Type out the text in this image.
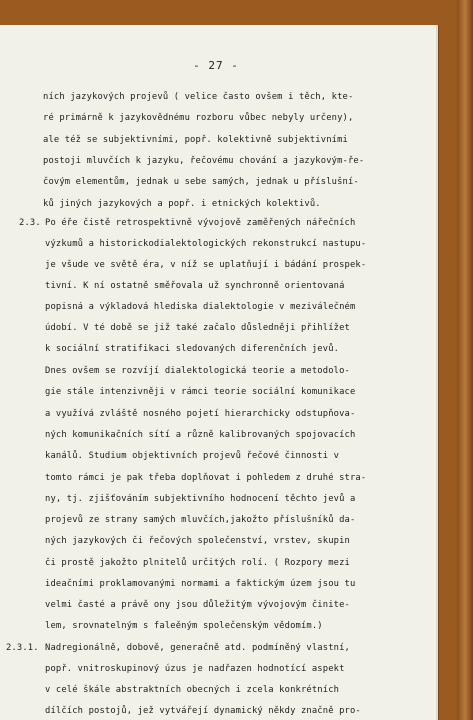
- 27 -
ních jazykových projevů ( velice často ovšem i těch, kte-
ré primárně k jazykovědnému rozboru vůbec nebyly určeny),
ale též se subjektivními, popř. kolektivně subjektivními
postoji mluvčích k jazyku, řečovému chování a jazykovým-ře-
čovým elementům, jednak u sebe samých, jednak u příslušní-
ků jiných jazykových a popř. i etnických kolektivů.
2.3. Po éře čistě retrospektivně vývojově zaměřených nářečních
výzkumů a historickodialektologických rekonstrukcí nastupu-
je všude ve světě éra, v níž se uplatňují i bádání prospek-
tivní. K ní ostatně směřovala už synchronně orientovaná
popisná a výkladová hlediska dialektologie v meziválečném
údobí. V té době se již také začalo důsledněji přihlížet
k sociální stratifikaci sledovaných diferenčních jevů.
Dnes ovšem se rozvíjí dialektologická teorie a metodolo-
gie stále intenzivněji v rámci teorie sociální komunikace
a využívá zvláště nosného pojetí hierarchicky odstupňova-
ných komunikačních sítí a různě kalibrovaných spojovacích
kanálů. Studium objektivních projevů řečové činnosti v
tomto rámci je pak třeba doplňovat i pohledem z druhé stra-
ny, tj. zjišťováním subjektivního hodnocení těchto jevů a
projevů ze strany samých mluvčích,jakožto příslušníků da-
ných jazykových či řečových společenství, vrstev, skupin
či prostě jakožto plnitelů určitých rolí. ( Rozpory mezi
ideačními proklamovanými normami a faktickým územ jsou tu
velmi časté a právě ony jsou důležitým vývojovým činite-
lem, srovnatelným s faleěným společenským vědomím.)
2.3.1. Nadregionálně, dobově, generačně atd. podmíněný vlastní,
popř. vnitroskupinový úzus je nadřazen hodnotící aspekt
v celé škále abstraktních obecných i zcela konkrétních
dílčích postojů, jež vytvářejí dynamický někdy značně pro-
